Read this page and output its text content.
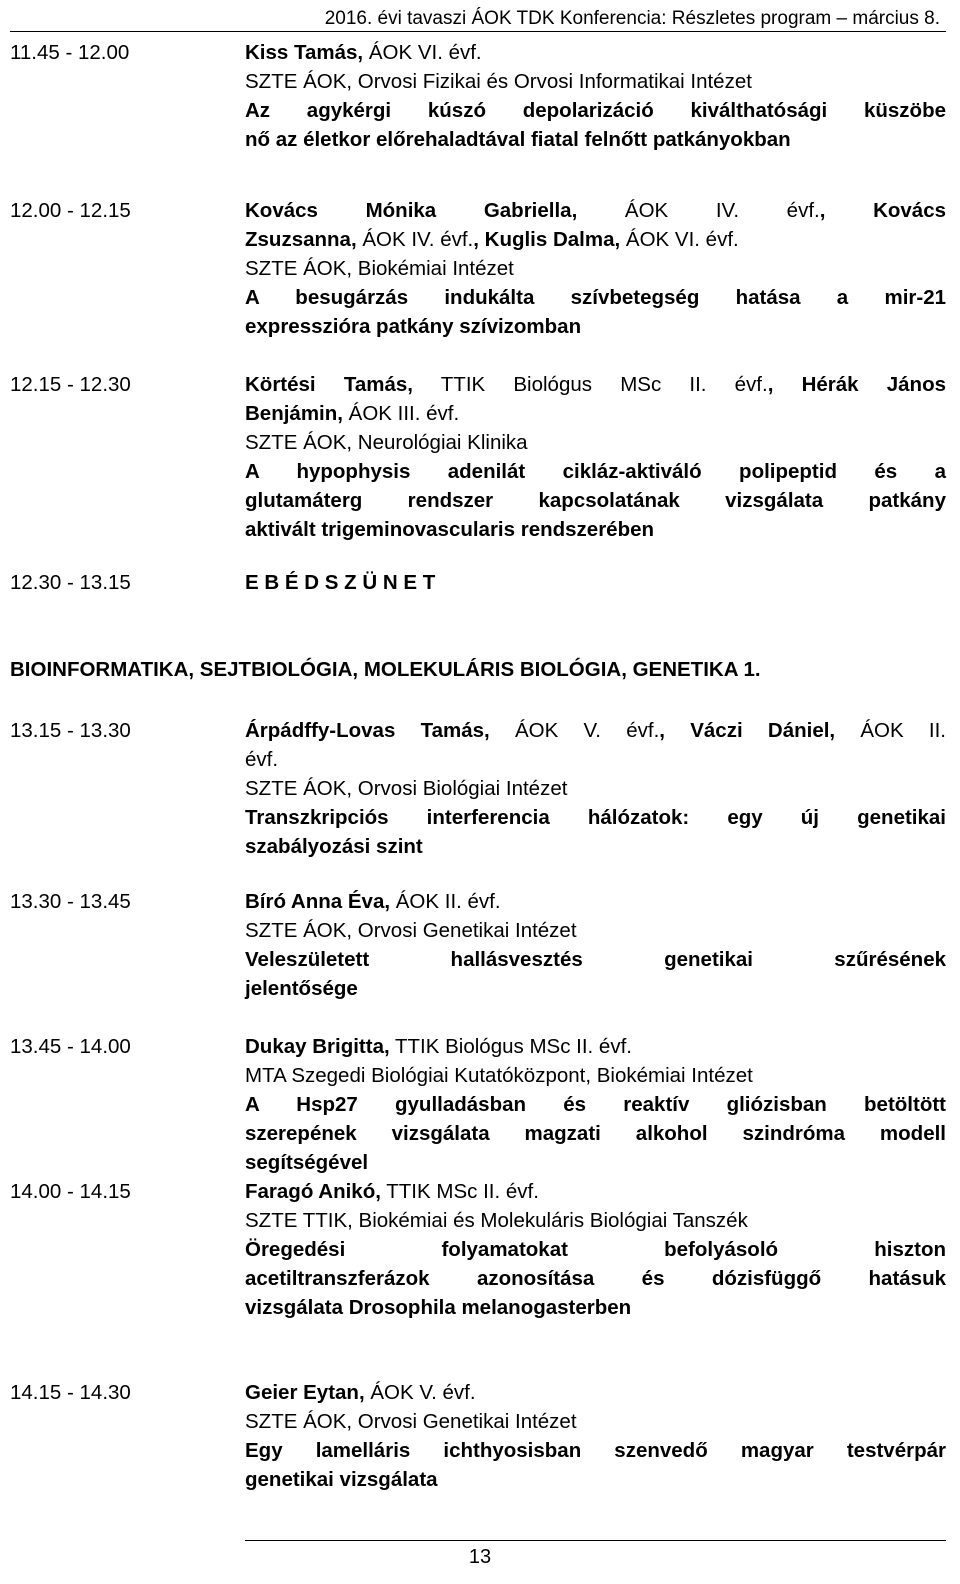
2016. évi tavaszi ÁOK TDK Konferencia: Részletes program – március 8.
11.45 - 12.00	Kiss Tamás, ÁOK VI. évf.
SZTE ÁOK, Orvosi Fizikai és Orvosi Informatikai Intézet
Az agykérgi kúszó depolarizáció kiválthatósági küszöbe
nő az életkor előrehaladtával fiatal felnőtt patkányokban
12.00 - 12.15	Kovács Mónika Gabriella, ÁOK IV. évf., Kovács
Zsuzsanna, ÁOK IV. évf., Kuglis Dalma, ÁOK VI. évf.
SZTE ÁOK, Biokémiai Intézet
A besugárzás indukálta szívbetegség hatása a mir-21
expresszióra patkány szívizomban
12.15 - 12.30	Körtési Tamás, TTIK Biológus MSc II. évf., Hérák János
Benjámin, ÁOK III. évf.
SZTE ÁOK, Neurológiai Klinika
A hypophysis adenilát cikláz-aktiváló polipeptid és a
glutamáterg rendszer kapcsolatának vizsgálata patkány
aktivált trigeminovascularis rendszerében
12.30 - 13.15	E B É D S Z Ü N E T
13.15 - 13.30	Árpádffy-Lovas Tamás, ÁOK V. évf., Váczi Dániel, ÁOK II.
évf.
SZTE ÁOK, Orvosi Biológiai Intézet
Transzkripciós interferencia hálózatok: egy új genetikai
szabályozási szint
13.30 - 13.45	Bíró Anna Éva, ÁOK II. évf.
SZTE ÁOK, Orvosi Genetikai Intézet
Veleszületett hallásvesztés genetikai szűrésének
jelentősége
13.45 - 14.00	Dukay Brigitta, TTIK Biológus MSc II. évf.
MTA Szegedi Biológiai Kutatóközpont, Biokémiai Intézet
A Hsp27 gyulladásban és reaktív gliózisban betöltött
szerepének vizsgálata magzati alkohol szindróma modell
segítségével
14.00 - 14.15	Faragó Anikó, TTIK MSc II. évf.
SZTE TTIK, Biokémiai és Molekuláris Biológiai Tanszék
Öregedési folyamatokat befolyásoló hiszton
acetiltranszferázok azonosítása és dózisfüggő hatásuk
vizsgálata Drosophila melanogasterben
14.15 - 14.30	Geier Eytan, ÁOK V. évf.
SZTE ÁOK, Orvosi Genetikai Intézet
Egy lamelláris ichthyosisban szenvedő magyar testvérpár
genetikai vizsgálata
BIOINFORMATIKA, SEJTBIOLÓGIA, MOLEKULÁRIS BIOLÓGIA, GENETIKA 1.
13
